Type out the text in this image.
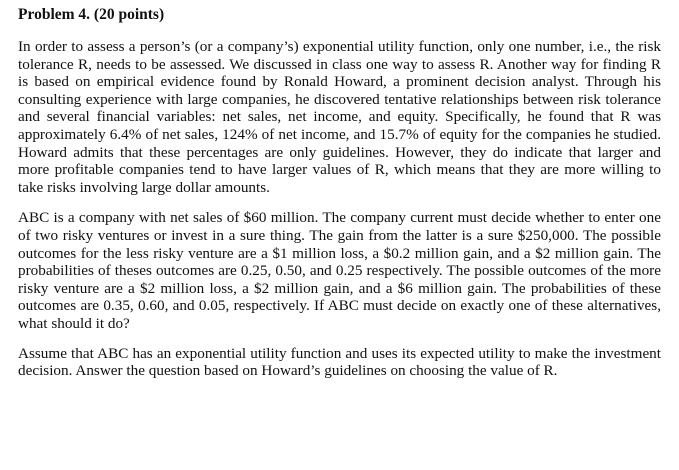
Problem 4. (20 points)

In order to assess a person’s (or a company’s) exponential utility function, only one number, i.e., the risk tolerance R, needs to be assessed. We discussed in class one way to assess R. Another way for finding R is based on empirical evidence found by Ronald Howard, a prominent decision analyst. Through his consulting experience with large companies, he discovered tentative relationships between risk tolerance and several financial variables: net sales, net income, and equity. Specifically, he found that R was approximately 6.4% of net sales, 124% of net income, and 15.7% of equity for the companies he studied. Howard admits that these percentages are only guidelines. However, they do indicate that larger and more profitable companies tend to have larger values of R, which means that they are more willing to take risks involving large dollar amounts.

ABC is a company with net sales of $60 million. The company current must decide whether to enter one of two risky ventures or invest in a sure thing. The gain from the latter is a sure $250,000. The possible outcomes for the less risky venture are a $1 million loss, a $0.2 million gain, and a $2 million gain. The probabilities of theses outcomes are 0.25, 0.50, and 0.25 respectively. The possible outcomes of the more risky venture are a $2 million loss, a $2 million gain, and a $6 million gain. The probabilities of these outcomes are 0.35, 0.60, and 0.05, respectively. If ABC must decide on exactly one of these alternatives, what should it do?

Assume that ABC has an exponential utility function and uses its expected utility to make the investment decision. Answer the question based on Howard’s guidelines on choosing the value of R.
